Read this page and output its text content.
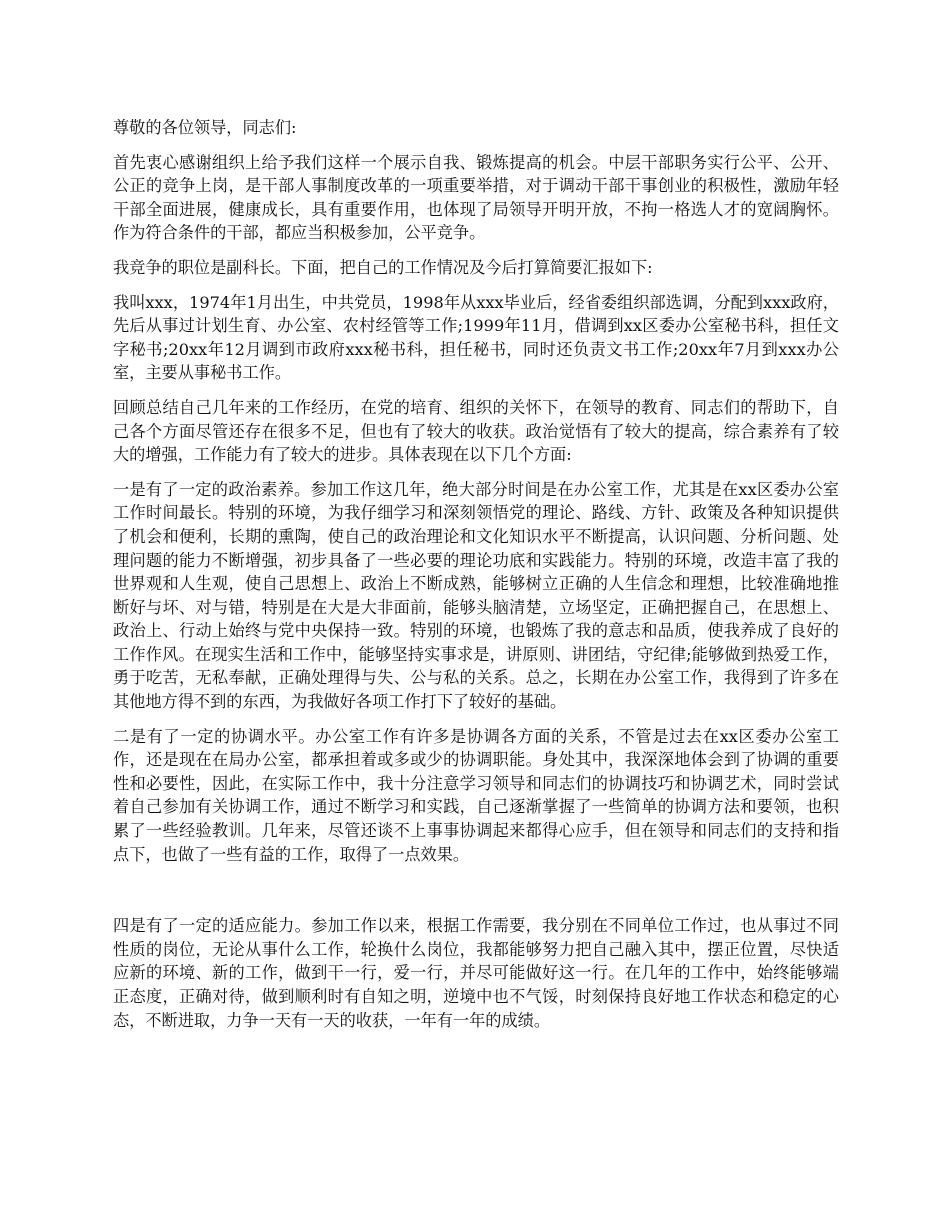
尊敬的各位领导，同志们:

首先衷心感谢组织上给予我们这样一个展示自我、锻炼提高的机会。中层干部职务实行公平、公开、公正的竞争上岗，是干部人事制度改革的一项重要举措，对于调动干部干事创业的积极性，激励年轻干部全面进展，健康成长，具有重要作用，也体现了局领导开明开放，不拘一格选人才的宽阔胸怀。作为符合条件的干部，都应当积极参加，公平竞争。

我竞争的职位是副科长。下面，把自己的工作情况及今后打算简要汇报如下:

我叫xxx，1974年1月出生，中共党员，1998年从xxx毕业后，经省委组织部选调，分配到xxx政府，先后从事过计划生育、办公室、农村经管等工作;1999年11月，借调到xx区委办公室秘书科，担任文字秘书;20xx年12月调到市政府xxx秘书科，担任秘书，同时还负责文书工作;20xx年7月到xxx办公室，主要从事秘书工作。

回顾总结自己几年来的工作经历，在党的培育、组织的关怀下，在领导的教育、同志们的帮助下，自己各个方面尽管还存在很多不足，但也有了较大的收获。政治觉悟有了较大的提高，综合素养有了较大的增强，工作能力有了较大的进步。具体表现在以下几个方面:

一是有了一定的政治素养。参加工作这几年，绝大部分时间是在办公室工作，尤其是在xx区委办公室工作时间最长。特别的环境，为我仔细学习和深刻领悟党的理论、路线、方针、政策及各种知识提供了机会和便利，长期的熏陶，使自己的政治理论和文化知识水平不断提高，认识问题、分析问题、处理问题的能力不断增强，初步具备了一些必要的理论功底和实践能力。特别的环境，改造丰富了我的世界观和人生观，使自己思想上、政治上不断成熟，能够树立正确的人生信念和理想，比较准确地推断好与坏、对与错，特别是在大是大非面前，能够头脑清楚，立场坚定，正确把握自己，在思想上、政治上、行动上始终与党中央保持一致。特别的环境，也锻炼了我的意志和品质，使我养成了良好的工作作风。在现实生活和工作中，能够坚持实事求是，讲原则、讲团结，守纪律;能够做到热爱工作，勇于吃苦，无私奉献，正确处理得与失、公与私的关系。总之，长期在办公室工作，我得到了许多在其他地方得不到的东西，为我做好各项工作打下了较好的基础。

二是有了一定的协调水平。办公室工作有许多是协调各方面的关系，不管是过去在xx区委办公室工作，还是现在在局办公室，都承担着或多或少的协调职能。身处其中，我深深地体会到了协调的重要性和必要性，因此，在实际工作中，我十分注意学习领导和同志们的协调技巧和协调艺术，同时尝试着自己参加有关协调工作，通过不断学习和实践，自己逐渐掌握了一些简单的协调方法和要领，也积累了一些经验教训。几年来，尽管还谈不上事事协调起来都得心应手，但在领导和同志们的支持和指点下，也做了一些有益的工作，取得了一点效果。

四是有了一定的适应能力。参加工作以来，根据工作需要，我分别在不同单位工作过，也从事过不同性质的岗位，无论从事什么工作，轮换什么岗位，我都能够努力把自己融入其中，摆正位置，尽快适应新的环境、新的工作，做到干一行，爱一行，并尽可能做好这一行。在几年的工作中，始终能够端正态度，正确对待，做到顺利时有自知之明，逆境中也不气馁，时刻保持良好地工作状态和稳定的心态，不断进取，力争一天有一天的收获，一年有一年的成绩。
